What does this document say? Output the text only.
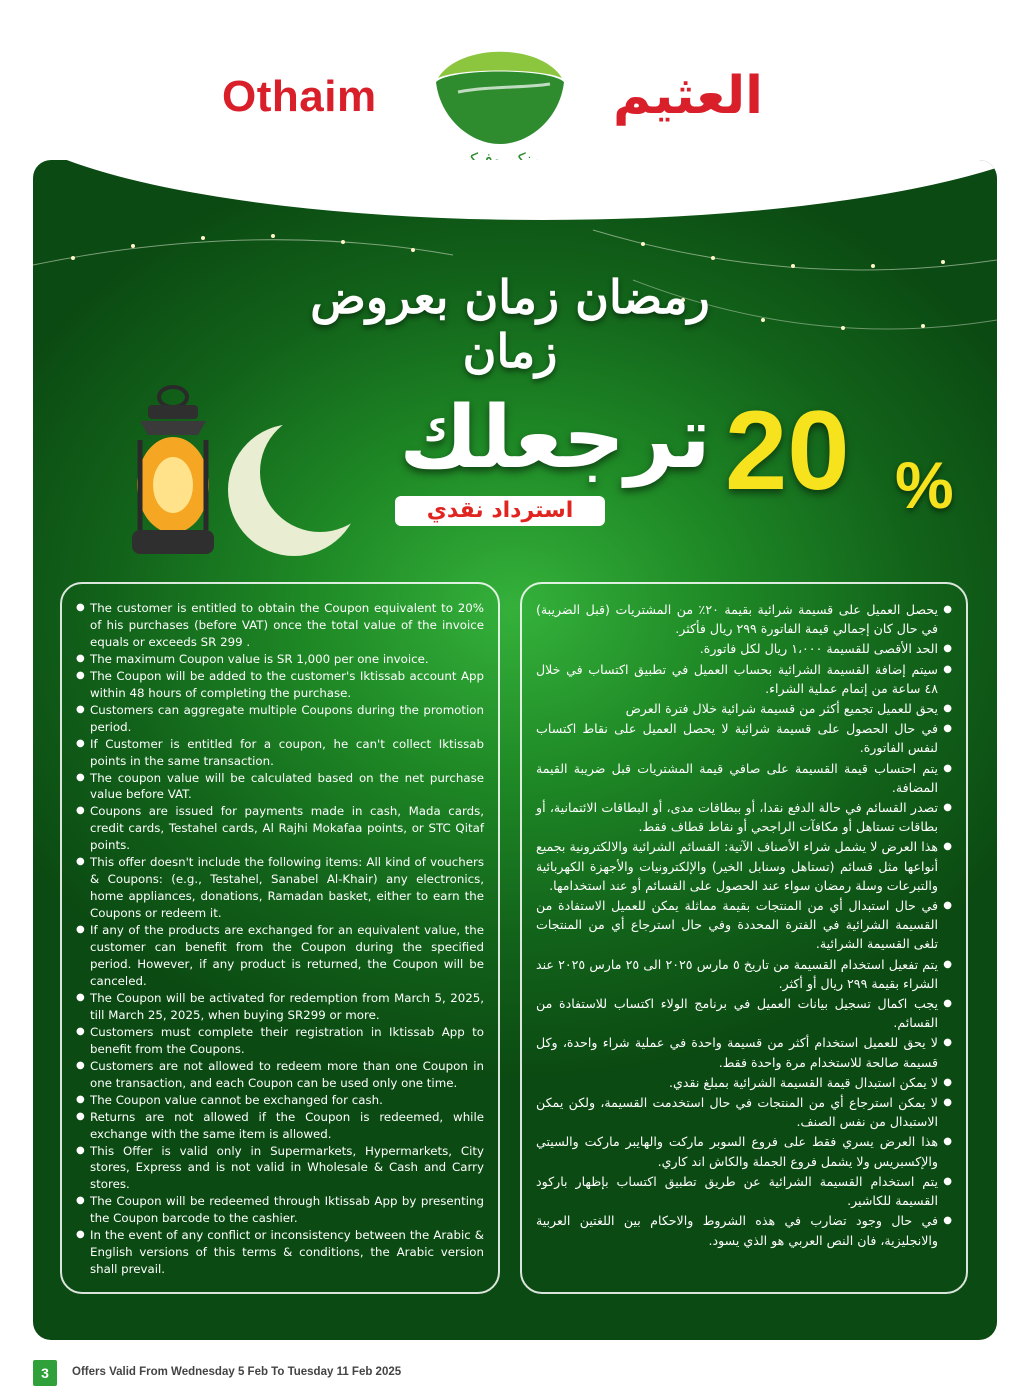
Othaim	العثيم
رمضان زمان بعروض زمان
20 %
ترجعلك
استرداد نقدي
● The customer is entitled to obtain the Coupon equivalent to 20% of his purchases (before VAT) once the total value of the invoice equals or exceeds SR 299 .
● The maximum Coupon value is SR 1,000 per one invoice.
● The Coupon will be added to the customer's Iktissab account App within 48 hours of completing the purchase.
● Customers can aggregate multiple Coupons during the promotion period.
● If Customer is entitled for a coupon, he can't collect Iktissab points in the same transaction.
● The coupon value will be calculated based on the net purchase value before VAT.
● Coupons are issued for payments made in cash, Mada cards, credit cards, Testahel cards, Al Rajhi Mokafaa points, or STC Qitaf points.
● This offer doesn't include the following items: All kind of vouchers & Coupons: (e.g., Testahel, Sanabel Al-Khair) any electronics, home appliances, donations, Ramadan basket, either to earn the Coupons or redeem it.
● If any of the products are exchanged for an equivalent value, the customer can benefit from the Coupon during the specified period. However, if any product is returned, the Coupon will be canceled.
● The Coupon will be activated for redemption from March 5, 2025, till March 25, 2025, when buying SR299 or more.
● Customers must complete their registration in Iktissab App to benefit from the Coupons.
● Customers are not allowed to redeem more than one Coupon in one transaction, and each Coupon can be used only one time.
● The Coupon value cannot be exchanged for cash.
● Returns are not allowed if the Coupon is redeemed, while exchange with the same item is allowed.
● This Offer is valid only in Supermarkets, Hypermarkets, City stores, Express and is not valid in Wholesale & Cash and Carry stores.
● The Coupon will be redeemed through Iktissab App by presenting the Coupon barcode to the cashier.
● In the event of any conflict or inconsistency between the Arabic & English versions of this terms & conditions, the Arabic version shall prevail.
●
يحصل العميل على قسيمة شرائية بقيمة ٢٠٪ من المشتريات (قبل الضريبة) في حال كان إجمالي قيمة الفاتورة ٢٩٩ ريال فأكثر.
●
الحد الأقصى للقسيمة ١،٠٠٠ ريال لكل فاتورة.
●
سيتم إضافة القسيمة الشرائية بحساب العميل في تطبيق اكتساب في خلال ٤٨ ساعة من إتمام عملية الشراء.
●
يحق للعميل تجميع أكثر من قسيمة شرائية خلال فترة العرض
●
في حال الحصول على قسيمة شرائية لا يحصل العميل على نقاط اكتساب لنفس الفاتورة.
●
يتم احتساب قيمة القسيمة على صافي قيمة المشتريات قبل ضريبة القيمة المضافة.
●
تصدر القسائم في حالة الدفع نقدا، أو ببطاقات مدى، أو البطاقات الائتمانية، أو بطاقات تستاهل أو مكافآت الراجحي أو نقاط قطاف فقط.
●
هذا العرض لا يشمل شراء الأصناف الآتية: القسائم الشرائية والالكترونية بجميع أنواعها مثل قسائم (تستاهل وسنابل الخير) والإلكترونيات والأجهزة الكهربائية والتبرعات وسلة رمضان سواء عند الحصول على القسائم أو عند استخدامها.
●
في حال استبدال أي من المنتجات بقيمة مماثلة يمكن للعميل الاستفادة من القسيمة الشرائية في الفترة المحددة وفي حال استرجاع أي من المنتجات تلغى القسيمة الشرائية.
●
يتم تفعيل استخدام القسيمة من تاريخ ٥ مارس ٢٠٢٥ الى ٢٥ مارس ٢٠٢٥ عند الشراء بقيمة ٢٩٩ ريال أو أكثر.
●
يجب اكمال تسجيل بيانات العميل في برنامج الولاء اكتساب للاستفادة من القسائم.
●
لا يحق للعميل استخدام أكثر من قسيمة واحدة في عملية شراء واحدة، وكل قسيمة صالحة للاستخدام مرة واحدة فقط.
●
لا يمكن استبدال قيمة القسيمة الشرائية بمبلغ نقدي.
●
لا يمكن استرجاع أي من المنتجات في حال استخدمت القسيمة، ولكن يمكن الاستبدال من نفس الصنف.
●
هذا العرض يسري فقط على فروع السوبر ماركت والهايبر ماركت والسيتي والإكسبريس ولا يشمل فروع الجملة والكاش اند كاري.
●
يتم استخدام القسيمة الشرائية عن طريق تطبيق اكتساب بإظهار باركود القسيمة للكاشير.
●
في حال وجود تضارب في هذه الشروط والاحكام بين اللغتين العربية والانجليزية، فان النص العربي هو الذي يسود.
3	Offers Valid From Wednesday 5 Feb To Tuesday 11 Feb 2025
